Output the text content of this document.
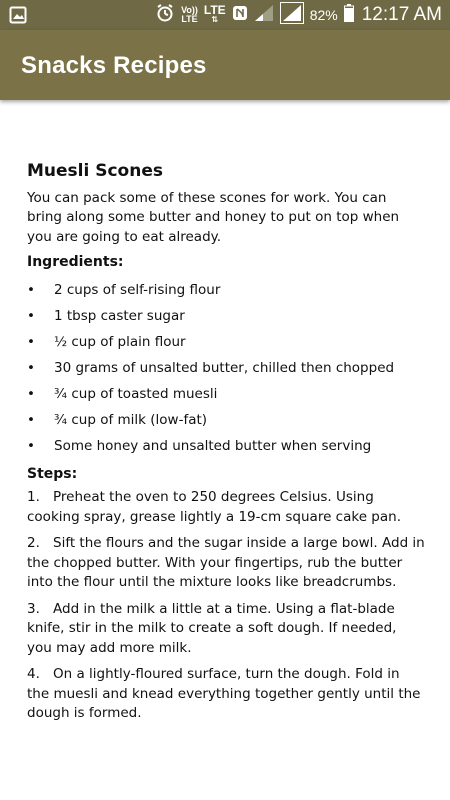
Vo))
LTE
LTE
⇅	82% 12:17 AM
Snacks Recipes
Muesli Scones
You can pack some of these scones for work. You can bring along some butter and honey to put on top when you are going to eat already.
Ingredients:
• 2 cups of self-rising flour
• 1 tbsp caster sugar
• ½ cup of plain flour
• 30 grams of unsalted butter, chilled then chopped
• ¾ cup of toasted muesli
• ¾ cup of milk (low-fat)
• Some honey and unsalted butter when serving
Steps:
1. Preheat the oven to 250 degrees Celsius. Using cooking spray, grease lightly a 19-cm square cake pan.
2. Sift the flours and the sugar inside a large bowl. Add in the chopped butter. With your fingertips, rub the butter into the flour until the mixture looks like breadcrumbs.
3. Add in the milk a little at a time. Using a flat-blade knife, stir in the milk to create a soft dough. If needed, you may add more milk.
4. On a lightly-floured surface, turn the dough. Fold in the muesli and knead everything together gently until the dough is formed.
